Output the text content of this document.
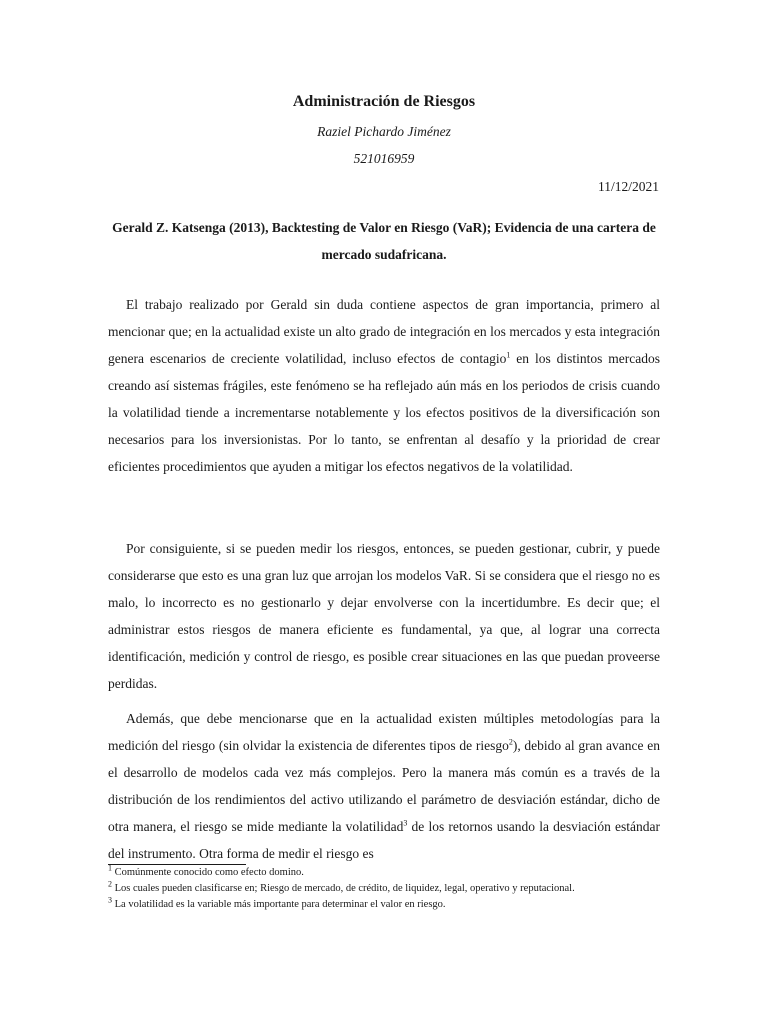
Administración de Riesgos
Raziel Pichardo Jiménez
521016959
11/12/2021
Gerald Z. Katsenga (2013), Backtesting de Valor en Riesgo (VaR); Evidencia de una cartera de mercado sudafricana.

El trabajo realizado por Gerald sin duda contiene aspectos de gran importancia, primero al mencionar que; en la actualidad existe un alto grado de integración en los mercados y esta integración genera escenarios de creciente volatilidad, incluso efectos de contagio$^1$ en los distintos mercados creando así sistemas frágiles, este fenómeno se ha reflejado aún más en los periodos de crisis cuando la volatilidad tiende a incrementarse notablemente y los efectos positivos de la diversificación son necesarios para los inversionistas. Por lo tanto, se enfrentan al desafío y la prioridad de crear eficientes procedimientos que ayuden a mitigar los efectos negativos de la volatilidad.

Por consiguiente, si se pueden medir los riesgos, entonces, se pueden gestionar, cubrir, y puede considerarse que esto es una gran luz que arrojan los modelos VaR. Si se considera que el riesgo no es malo, lo incorrecto es no gestionarlo y dejar envolverse con la incertidumbre. Es decir que; el administrar estos riesgos de manera eficiente es fundamental, ya que, al lograr una correcta identificación, medición y control de riesgo, es posible crear situaciones en las que puedan proveerse perdidas.

Además, que debe mencionarse que en la actualidad existen múltiples metodologías para la medición del riesgo (sin olvidar la existencia de diferentes tipos de riesgo$^2$), debido al gran avance en el desarrollo de modelos cada vez más complejos. Pero la manera más común es a través de la distribución de los rendimientos del activo utilizando el parámetro de desviación estándar, dicho de otra manera, el riesgo se mide mediante la volatilidad$^3$ de los retornos usando la desviación estándar del instrumento. Otra forma de medir el riesgo es

$^1$ Comúnmente conocido como efecto domino.

$^2$ Los cuales pueden clasificarse en; Riesgo de mercado, de crédito, de liquidez, legal, operativo y reputacional.

$^3$ La volatilidad es la variable más importante para determinar el valor en riesgo.
